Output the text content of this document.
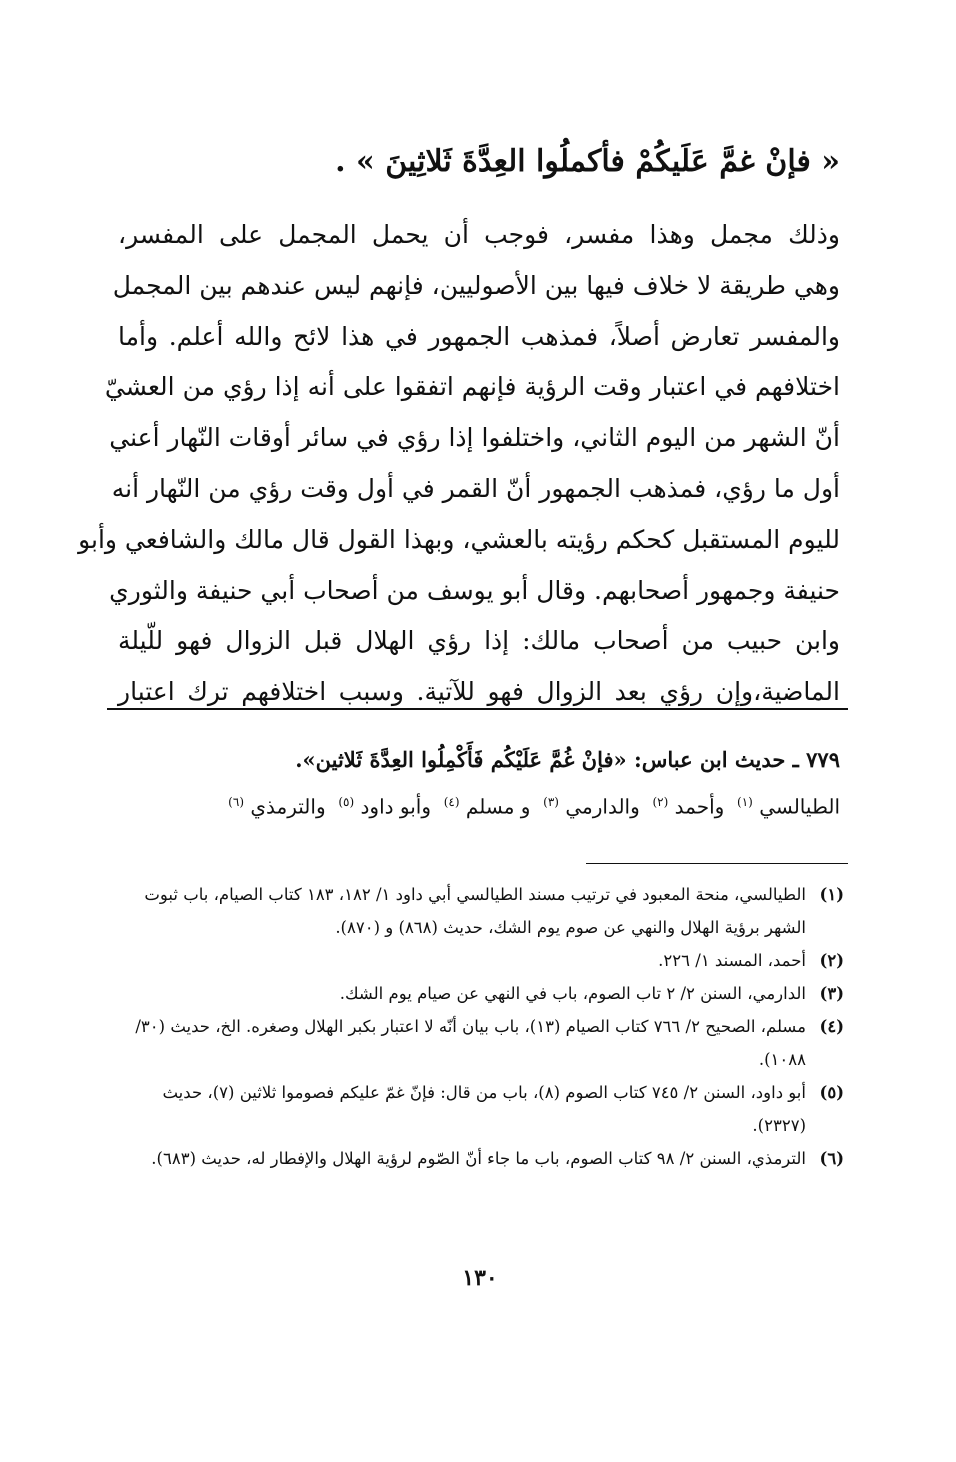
« فإنْ غمَّ عَلَيكُمْ فأكملُوا العِدَّةَ ثَلاثِينَ » .
وذلك مجمل وهذا مفسر، فوجب أن يحمل المجمل على المفسر،
وهي طريقة لا خلاف فيها بين الأصوليين، فإنهم ليس عندهم بين المجمل
والمفسر تعارض أصلاً، فمذهب الجمهور في هذا لائح والله أعلم. وأما
اختلافهم في اعتبار وقت الرؤية فإنهم اتفقوا على أنه إذا رؤي من العشيّ
أنّ الشهر من اليوم الثاني، واختلفوا إذا رؤي في سائر أوقات النّهار أعني
أول ما رؤي، فمذهب الجمهور أنّ القمر في أول وقت رؤي من النّهار أنه
لليوم المستقبل كحكم رؤيته بالعشي، وبهذا القول قال مالك والشافعي وأبو
حنيفة وجمهور أصحابهم. وقال أبو يوسف من أصحاب أبي حنيفة والثوري
وابن حبيب من أصحاب مالك: إذا رؤي الهلال قبل الزوال فهو للّيلة
الماضية،وإن رؤي بعد الزوال فهو للآتية. وسبب اختلافهم ترك اعتبار
٧٧٩ ـ حديث ابن عباس: «فإنْ غُمَّ عَلَيْكُم فَأَكْمِلُوا العِدَّةَ ثَلاثين».
الطيالسي $^{(١)}$  وأحمد $^{(٢)}$  والدارمي $^{(٣)}$  و مسلم $^{(٤)}$  وأبو داود $^{(٥)}$  والترمذي $^{(٦)}$
(١)
الطيالسي، منحة المعبود في ترتيب مسند الطيالسي أبي داود ١/ ١٨٢، ١٨٣ كتاب الصيام، باب ثبوت الشهر برؤية الهلال والنهي عن صوم يوم الشك، حديث (٨٦٨) و (٨٧٠).
(٢)
أحمد، المسند ١/ ٢٢٦.
(٣)
الدارمي، السنن ٢/ ٢ تاب الصوم، باب في النهي عن صيام يوم الشك.
(٤)
مسلم، الصحيح ٢/ ٧٦٦ كتاب الصيام (١٣)، باب بيان أنّه لا اعتبار بكبر الهلال وصغره. الخ، حديث (٣٠/ ١٠٨٨).
(٥)
أبو داود، السنن ٢/ ٧٤٥ كتاب الصوم (٨)، باب من قال: فإنّ غمّ عليكم فصوموا ثلاثين (٧)، حديث (٢٣٢٧).
(٦)
الترمذي، السنن ٢/ ٩٨ كتاب الصوم، باب ما جاء أنّ الصّوم لرؤية الهلال والإفطار له، حديث (٦٨٣).
١٣٠
